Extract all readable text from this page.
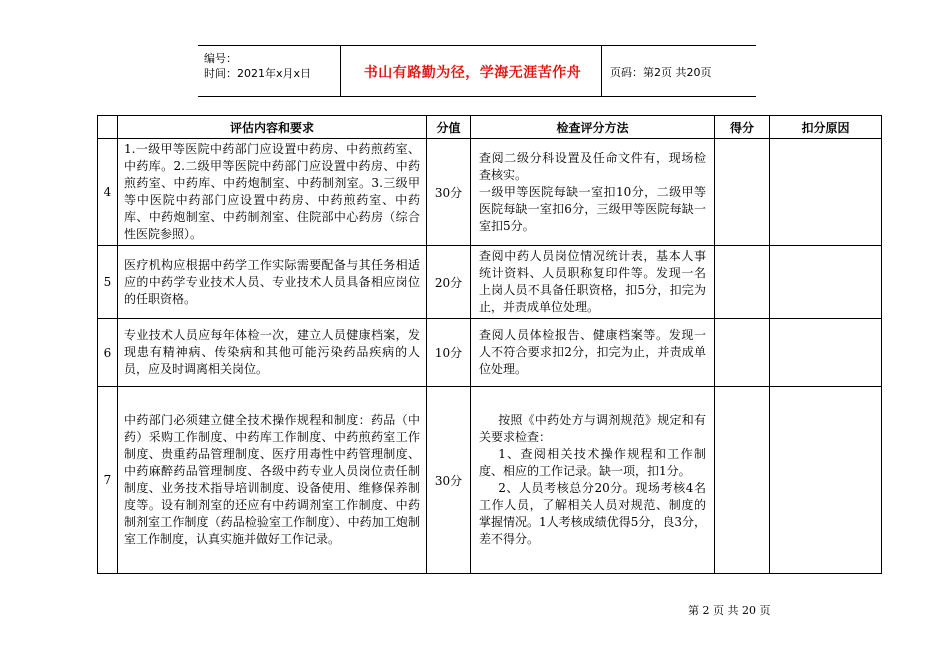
编号：
时间：2021年x月x日	书山有路勤为径，学海无涯苦作舟	页码：第2页 共20页
	评估内容和要求	分值	检查评分方法	得分	扣分原因
4	1.一级甲等医院中药部门应设置中药房、中药煎药室、中药库。2.二级甲等医院中药部门应设置中药房、中药煎药室、中药库、中药炮制室、中药制剂室。3.三级甲等中医院中药部门应设置中药房、中药煎药室、中药库、中药炮制室、中药制剂室、住院部中心药房（综合性医院参照）。	30分	查阅二级分科设置及任命文件有，现场检查核实。
一级甲等医院每缺一室扣10分，二级甲等医院每缺一室扣6分，三级甲等医院每缺一室扣5分。		

5	医疗机构应根据中药学工作实际需要配备与其任务相适应的中药学专业技术人员、专业技术人员具备相应岗位的任职资格。	20分	查阅中药人员岗位情况统计表，基本人事统计资料、人员职称复印件等。发现一名上岗人员不具备任职资格，扣5分，扣完为止，并责成单位处理。		

6	专业技术人员应每年体检一次，建立人员健康档案，发现患有精神病、传染病和其他可能污染药品疾病的人员，应及时调离相关岗位。	10分	查阅人员体检报告、健康档案等。发现一人不符合要求扣2分，扣完为止，并责成单位处理。		

7	中药部门必须建立健全技术操作规程和制度：药品（中药）采购工作制度、中药库工作制度、中药煎药室工作制度、贵重药品管理制度、医疗用毒性中药管理制度、中药麻醉药品管理制度、各级中药专业人员岗位责任制制度、业务技术指导培训制度、设备使用、维修保养制度等。设有制剂室的还应有中药调剂室工作制度、中药制剂室工作制度（药品检验室工作制度）、中药加工炮制室工作制度，认真实施并做好工作记录。	30分	按照《中药处方与调剂规范》规定和有关要求检查：
1、查阅相关技术操作规程和工作制度、相应的工作记录。缺一项，扣1分。
2、人员考核总分20分。现场考核4名工作人员，了解相关人员对规范、制度的掌握情况。1人考核成绩优得5分，良3分，差不得分。		

第 2 页 共 20 页
